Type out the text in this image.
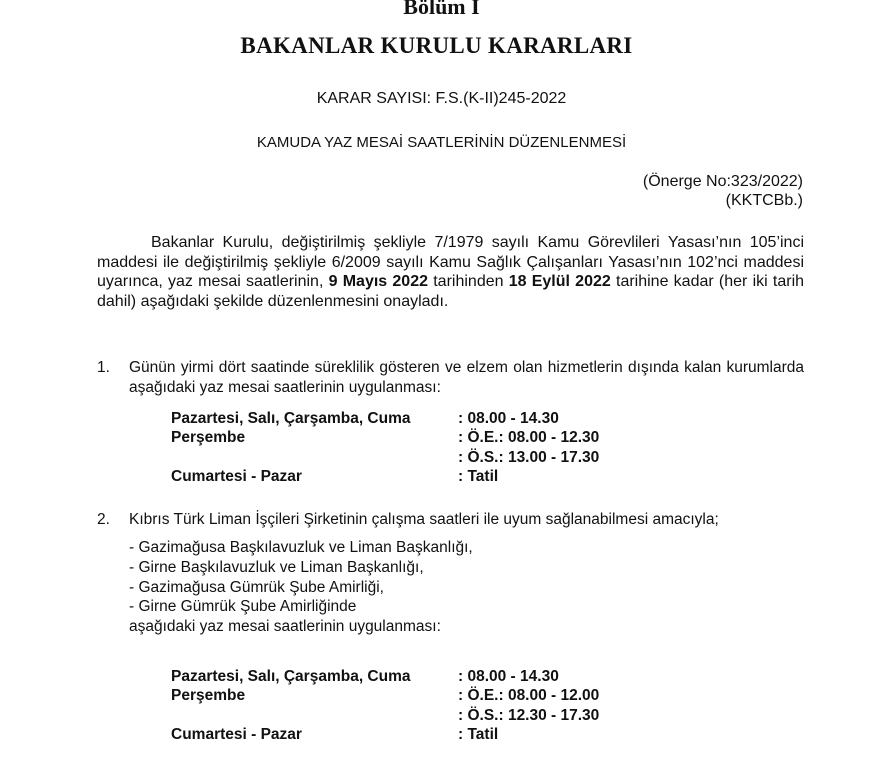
Bölüm I
BAKANLAR KURULU KARARLARI
KARAR SAYISI: F.S.(K-II)245-2022
KAMUDA YAZ MESAİ SAATLERİNİN DÜZENLENMESİ
(Önerge No:323/2022)
(KKTCBb.)
Bakanlar Kurulu, değiştirilmiş şekliyle 7/1979 sayılı Kamu Görevlileri Yasası’nın 105’inci maddesi ile değiştirilmiş şekliyle 6/2009 sayılı Kamu Sağlık Çalışanları Yasası’nın 102’nci maddesi uyarınca, yaz mesai saatlerinin, 9 Mayıs 2022 tarihinden 18 Eylül 2022 tarihine kadar (her iki tarih dahil) aşağıdaki şekilde düzenlenmesini onayladı.
1. Günün yirmi dört saatinde süreklilik gösteren ve elzem olan hizmetlerin dışında kalan kurumlarda aşağıdaki yaz mesai saatlerinin uygulanması:
Pazartesi, Salı, Çarşamba, Cuma	: 08.00 - 14.30
Perşembe	: Ö.E.: 08.00 - 12.30
: Ö.S.: 13.00 - 17.30
Cumartesi - Pazar	: Tatil
2. Kıbrıs Türk Liman İşçileri Şirketinin çalışma saatleri ile uyum sağlanabilmesi amacıyla;
- Gazimağusa Başkılavuzluk ve Liman Başkanlığı,
- Girne Başkılavuzluk ve Liman Başkanlığı,
- Gazimağusa Gümrük Şube Amirliği,
- Girne Gümrük Şube Amirliğinde
aşağıdaki yaz mesai saatlerinin uygulanması:
Pazartesi, Salı, Çarşamba, Cuma	: 08.00 - 14.30
Perşembe	: Ö.E.: 08.00 - 12.00
: Ö.S.: 12.30 - 17.30
Cumartesi - Pazar	: Tatil
